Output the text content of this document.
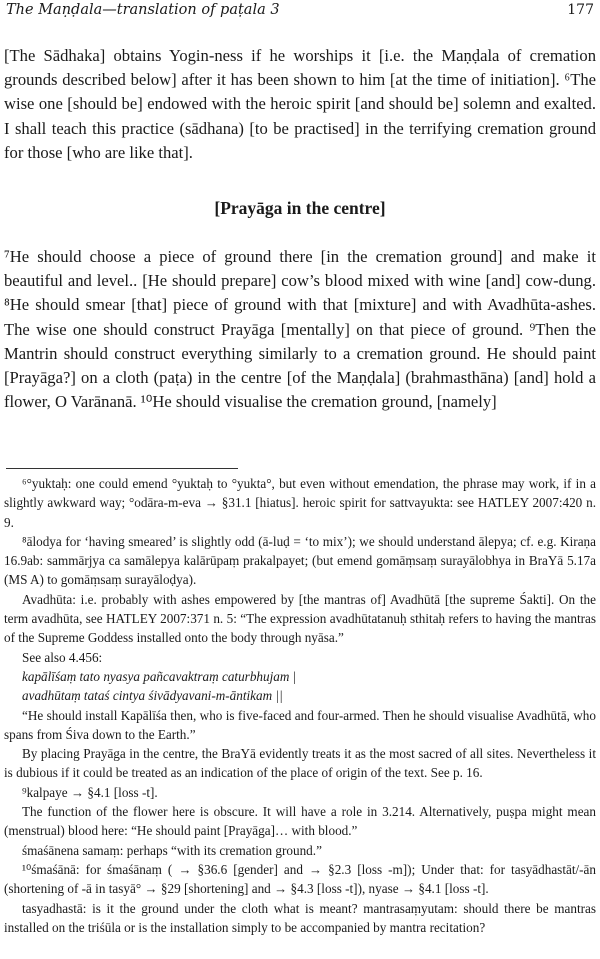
The Maṇḍala—translation of paṭala 3	177

[The Sādhaka] obtains Yogin-ness if he worships it [i.e. the Maṇḍala of cremation grounds described below] after it has been shown to him [at the time of initiation]. ⁶The wise one [should be] endowed with the heroic spirit [and should be] solemn and exalted. I shall teach this practice (sādhana) [to be practised] in the terrifying cremation ground for those [who are like that].

[Prayāga in the centre]

⁷He should choose a piece of ground there [in the cremation ground] and make it beautiful and level.. [He should prepare] cow’s blood mixed with wine [and] cow-dung. ⁸He should smear [that] piece of ground with that [mixture] and with Avadhūta-ashes. The wise one should construct Prayāga [mentally] on that piece of ground. ⁹Then the Mantrin should construct everything similarly to a cremation ground. He should paint [Prayāga?] on a cloth (paṭa) in the centre [of the Maṇḍala] (brahmasthāna) [and] hold a flower, O Varānanā. ¹⁰He should visualise the cremation ground, [namely]

⁶°yuktaḥ: one could emend °yuktaḥ to °yukta°, but even without emendation, the phrase may work, if in a slightly awkward way; °odāra-m-eva → §31.1 [hiatus]. heroic spirit for sattvayukta: see HATLEY 2007:420 n. 9.

⁸ālodya for ‘having smeared’ is slightly odd (ā-luḍ = ‘to mix’); we should understand ālepya; cf. e.g. Kiraṇa 16.9ab: sammārjya ca samālepya kalārūpaṃ prakalpayet; (but emend gomāṃsaṃ surayālobhya in BraYā 5.17a (MS A) to gomāṃsaṃ surayāloḍya).

Avadhūta: i.e. probably with ashes empowered by [the mantras of] Avadhūtā [the supreme Śakti]. On the term avadhūta, see HATLEY 2007:371 n. 5: “The expression avadhūtatanuḥ sthitaḥ refers to having the mantras of the Supreme Goddess installed onto the body through nyāsa.”

See also 4.456:

kapālīśaṃ tato nyasya pañcavaktraṃ caturbhujam |

avadhūtaṃ tataś cintya śivādyavani-m-āntikam ||

“He should install Kapālīśa then, who is five-faced and four-armed. Then he should visualise Avadhūtā, who spans from Śiva down to the Earth.”

By placing Prayāga in the centre, the BraYā evidently treats it as the most sacred of all sites. Nevertheless it is dubious if it could be treated as an indication of the place of origin of the text. See p. 16.

⁹kalpaye → §4.1 [loss -t].

The function of the flower here is obscure. It will have a role in 3.214. Alternatively, puṣpa might mean (menstrual) blood here: “He should paint [Prayāga]… with blood.”

śmaśānena samaṃ: perhaps “with its cremation ground.”

¹⁰śmaśānā: for śmaśānaṃ ( → §36.6 [gender] and → §2.3 [loss -m]); Under that: for tasyādhastāt/-ān (shortening of -ā in tasyā° → §29 [shortening] and → §4.3 [loss -t]), nyase → §4.1 [loss -t].

tasyadhastā: is it the ground under the cloth what is meant? mantrasaṃyutam: should there be mantras installed on the triśūla or is the installation simply to be accompanied by mantra recitation?
